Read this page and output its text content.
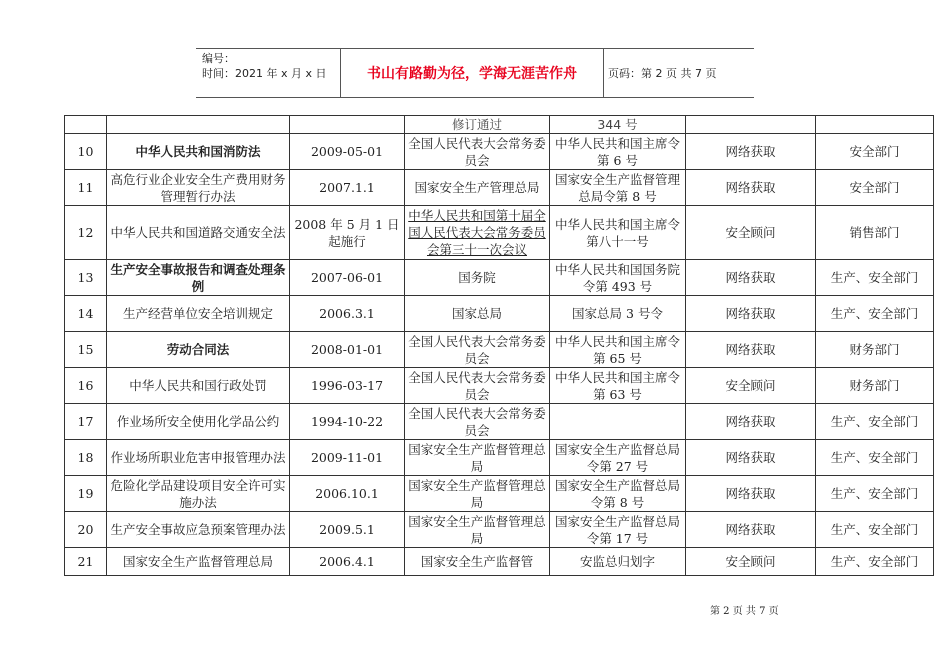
编号：
时间：2021 年 x 月 x 日	书山有路勤为径，学海无涯苦作舟	页码：第 2 页 共 7 页
			修订通过	344 号		
10	中华人民共和国消防法	2009-05-01	全国人民代表大会常务委员会	中华人民共和国主席令第 6 号	网络获取	安全部门
11	高危行业企业安全生产费用财务管理暂行办法	2007.1.1	国家安全生产管理总局	国家安全生产监督管理总局令第 8 号	网络获取	安全部门
12	中华人民共和国道路交通安全法	2008 年 5 月 1 日起施行	中华人民共和国第十届全国人民代表大会常务委员会第三十一次会议	中华人民共和国主席令第八十一号	安全顾问	销售部门
13	生产安全事故报告和调查处理条例	2007-06-01	国务院	中华人民共和国国务院令第 493 号	网络获取	生产、安全部门
14	生产经营单位安全培训规定	2006.3.1	国家总局	国家总局 3 号令	网络获取	生产、安全部门
15	劳动合同法	2008-01-01	全国人民代表大会常务委员会	中华人民共和国主席令第 65 号	网络获取	财务部门
16	中华人民共和国行政处罚	1996-03-17	全国人民代表大会常务委员会	中华人民共和国主席令第 63 号	安全顾问	财务部门
17	作业场所安全使用化学品公约	1994-10-22	全国人民代表大会常务委员会		网络获取	生产、安全部门
18	作业场所职业危害申报管理办法	2009-11-01	国家安全生产监督管理总局	国家安全生产监督总局令第 27 号	网络获取	生产、安全部门
19	危险化学品建设项目安全许可实施办法	2006.10.1	国家安全生产监督管理总局	国家安全生产监督总局令第 8 号	网络获取	生产、安全部门
20	生产安全事故应急预案管理办法	2009.5.1	国家安全生产监督管理总局	国家安全生产监督总局令第 17 号	网络获取	生产、安全部门
21	国家安全生产监督管理总局	2006.4.1	国家安全生产监督管	安监总归划字	安全顾问	生产、安全部门
第 2 页 共 7 页
